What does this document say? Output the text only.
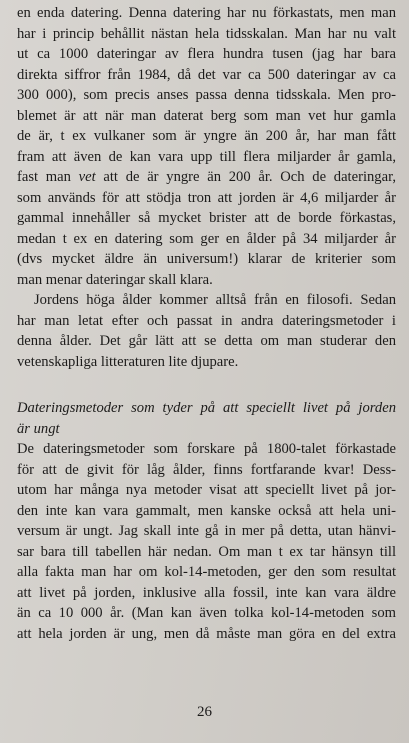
en enda datering. Denna datering har nu förkastats, men man
har i princip behållit nästan hela tidsskalan. Man har nu valt
ut ca 1000 dateringar av flera hundra tusen (jag har bara
direkta siffror från 1984, då det var ca 500 dateringar av ca
300 000), som precis anses passa denna tidsskala. Men pro-
blemet är att när man daterat berg som man vet hur gamla
de är, t ex vulkaner som är yngre än 200 år, har man fått
fram att även de kan vara upp till flera miljarder år gamla,
fast man vet att de är yngre än 200 år. Och de dateringar,
som används för att stödja tron att jorden är 4,6 miljarder år
gammal innehåller så mycket brister att de borde förkastas,
medan t ex en datering som ger en ålder på 34 miljarder år
(dvs mycket äldre än universum!) klarar de kriterier som
man menar dateringar skall klara.
Jordens höga ålder kommer alltså från en filosofi. Sedan
har man letat efter och passat in andra dateringsmetoder i
denna ålder. Det går lätt att se detta om man studerar den
vetenskapliga litteraturen lite djupare.
Dateringsmetoder som tyder på att speciellt livet på jorden
är ungt
De dateringsmetoder som forskare på 1800-talet förkastade
för att de givit för låg ålder, finns fortfarande kvar! Dess-
utom har många nya metoder visat att speciellt livet på jor-
den inte kan vara gammalt, men kanske också att hela uni-
versum är ungt. Jag skall inte gå in mer på detta, utan hänvi-
sar bara till tabellen här nedan. Om man t ex tar hänsyn till
alla fakta man har om kol-14-metoden, ger den som resultat
att livet på jorden, inklusive alla fossil, inte kan vara äldre
än ca 10 000 år. (Man kan även tolka kol-14-metoden som
att hela jorden är ung, men då måste man göra en del extra
26
